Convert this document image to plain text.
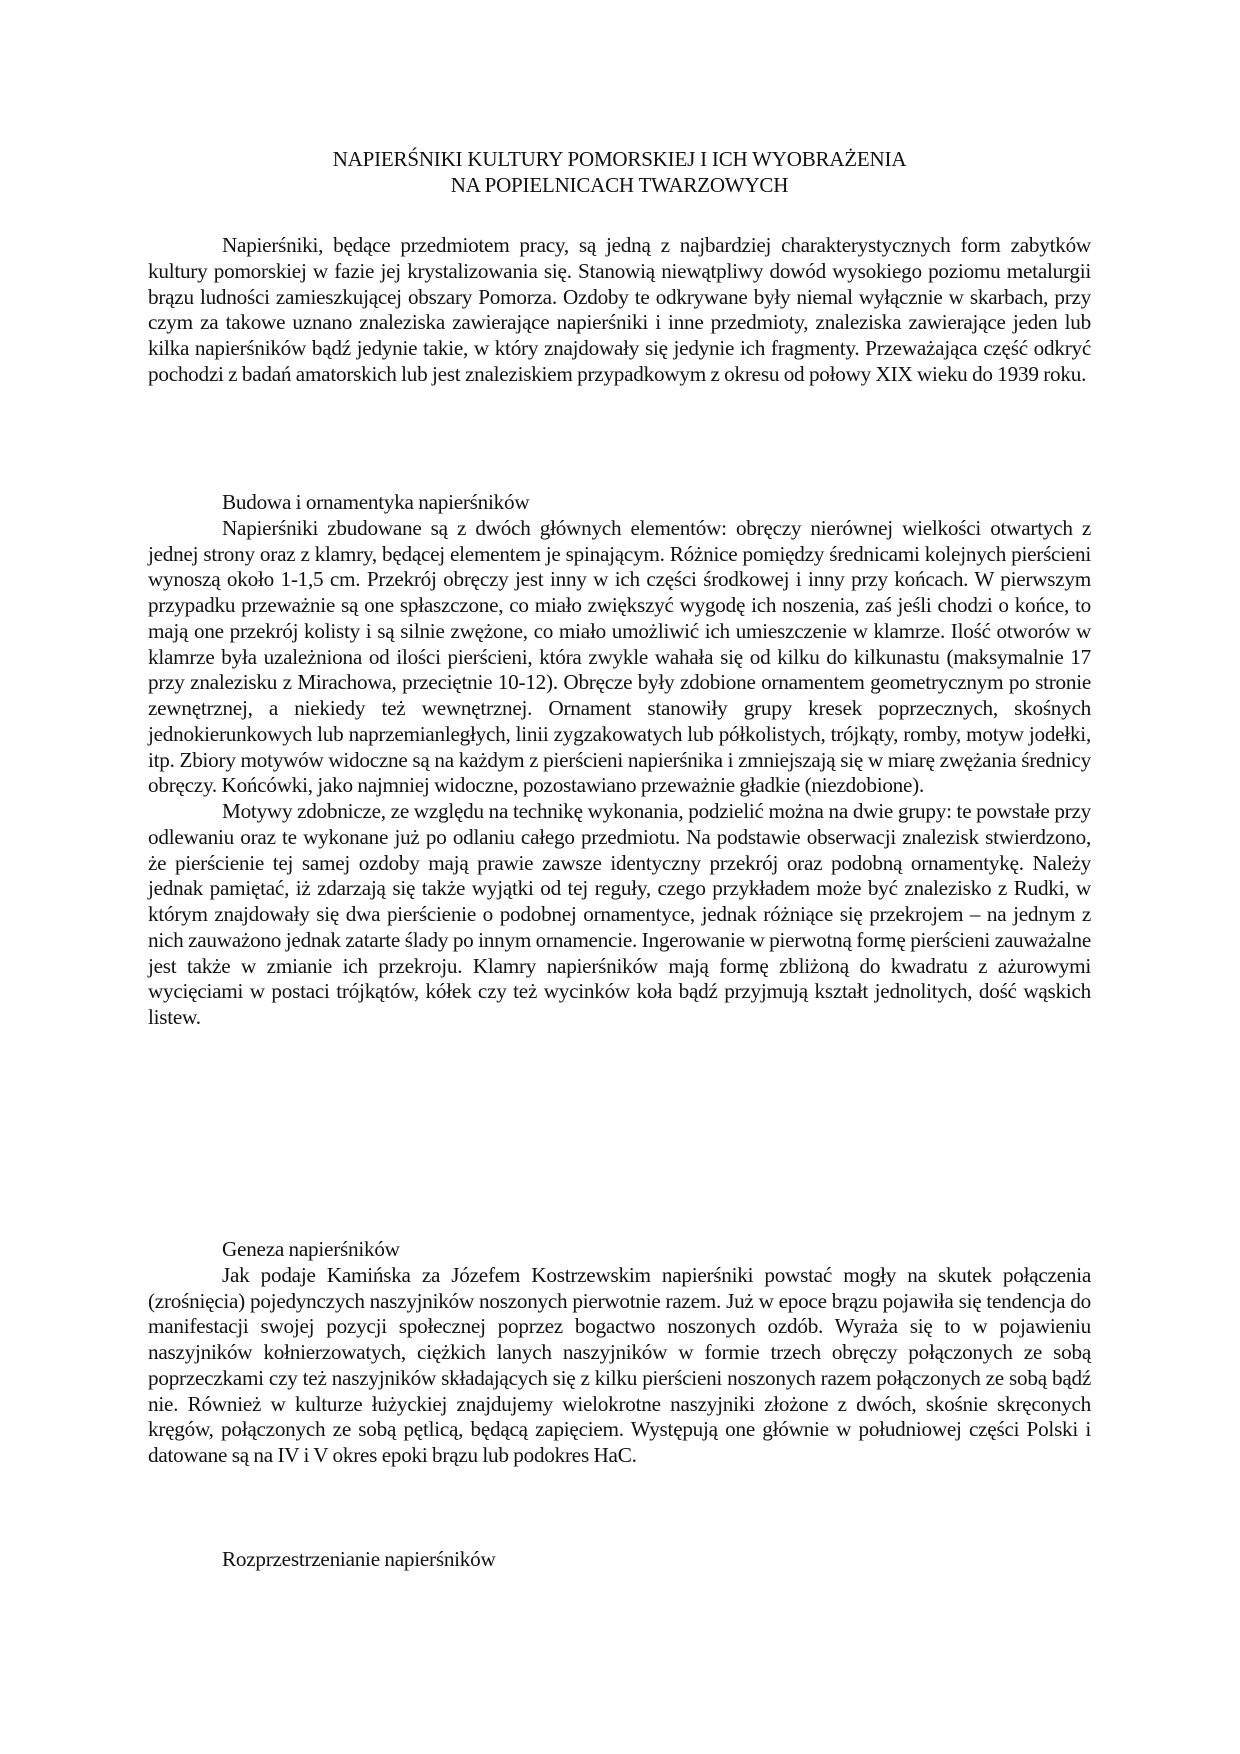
NAPIERŚNIKI KULTURY POMORSKIEJ I ICH WYOBRAŻENIA
NA POPIELNICACH TWARZOWYCH

Napierśniki, będące przedmiotem pracy, są jedną z najbardziej charakterystycznych form zabytków kultury pomorskiej w fazie jej krystalizowania się. Stanowią niewątpliwy dowód wysokiego poziomu metalurgii brązu ludności zamieszkującej obszary Pomorza. Ozdoby te odkrywane były niemal wyłącznie w skarbach, przy czym za takowe uznano znaleziska zawierające napierśniki i inne przedmioty, znaleziska zawierające jeden lub kilka napierśników bądź jedynie takie, w który znajdowały się jedynie ich fragmenty. Przeważająca część odkryć pochodzi z badań amatorskich lub jest znaleziskiem przypadkowym z okresu od połowy XIX wieku do 1939 roku.

Budowa i ornamentyka napierśników

Napierśniki zbudowane są z dwóch głównych elementów: obręczy nierównej wielkości otwartych z jednej strony oraz z klamry, będącej elementem je spinającym. Różnice pomiędzy średnicami kolejnych pierścieni wynoszą około 1-1,5 cm. Przekrój obręczy jest inny w ich części środkowej i inny przy końcach. W pierwszym przypadku przeważnie są one spłaszczone, co miało zwiększyć wygodę ich noszenia, zaś jeśli chodzi o końce, to mają one przekrój kolisty i są silnie zwężone, co miało umożliwić ich umieszczenie w klamrze. Ilość otworów w klamrze była uzależniona od ilości pierścieni, która zwykle wahała się od kilku do kilkunastu (maksymalnie 17 przy znalezisku z Mirachowa, przeciętnie 10-12). Obręcze były zdobione ornamentem geometrycznym po stronie zewnętrznej, a niekiedy też wewnętrznej. Ornament stanowiły grupy kresek poprzecznych, skośnych jednokierunkowych lub naprzemianległych, linii zygzakowatych lub półkolistych, trójkąty, romby, motyw jodełki, itp. Zbiory motywów widoczne są na każdym z pierścieni napierśnika i zmniejszają się w miarę zwężania średnicy obręczy. Końcówki, jako najmniej widoczne, pozostawiano przeważnie gładkie (niezdobione).

Motywy zdobnicze, ze względu na technikę wykonania, podzielić można na dwie grupy: te powstałe przy odlewaniu oraz te wykonane już po odlaniu całego przedmiotu. Na podstawie obserwacji znalezisk stwierdzono, że pierścienie tej samej ozdoby mają prawie zawsze identyczny przekrój oraz podobną ornamentykę. Należy jednak pamiętać, iż zdarzają się także wyjątki od tej reguły, czego przykładem może być znalezisko z Rudki, w którym znajdowały się dwa pierścienie o podobnej ornamentyce, jednak różniące się przekrojem – na jednym z nich zauważono jednak zatarte ślady po innym ornamencie. Ingerowanie w pierwotną formę pierścieni zauważalne jest także w zmianie ich przekroju. Klamry napierśników mają formę zbliżoną do kwadratu z ażurowymi wycięciami w postaci trójkątów, kółek czy też wycinków koła bądź przyjmują kształt jednolitych, dość wąskich listew.

Geneza napierśników

Jak podaje Kamińska za Józefem Kostrzewskim napierśniki powstać mogły na skutek połączenia (zrośnięcia) pojedynczych naszyjników noszonych pierwotnie razem. Już w epoce brązu pojawiła się tendencja do manifestacji swojej pozycji społecznej poprzez bogactwo noszonych ozdób. Wyraża się to w pojawieniu naszyjników kołnierzowatych, ciężkich lanych naszyjników w formie trzech obręczy połączonych ze sobą poprzeczkami czy też naszyjników składających się z kilku pierścieni noszonych razem połączonych ze sobą bądź nie. Również w kulturze łużyckiej znajdujemy wielokrotne naszyjniki złożone z dwóch, skośnie skręconych kręgów, połączonych ze sobą pętlicą, będącą zapięciem. Występują one głównie w południowej części Polski i datowane są na IV i V okres epoki brązu lub podokres HaC.

Rozprzestrzenianie napierśników
